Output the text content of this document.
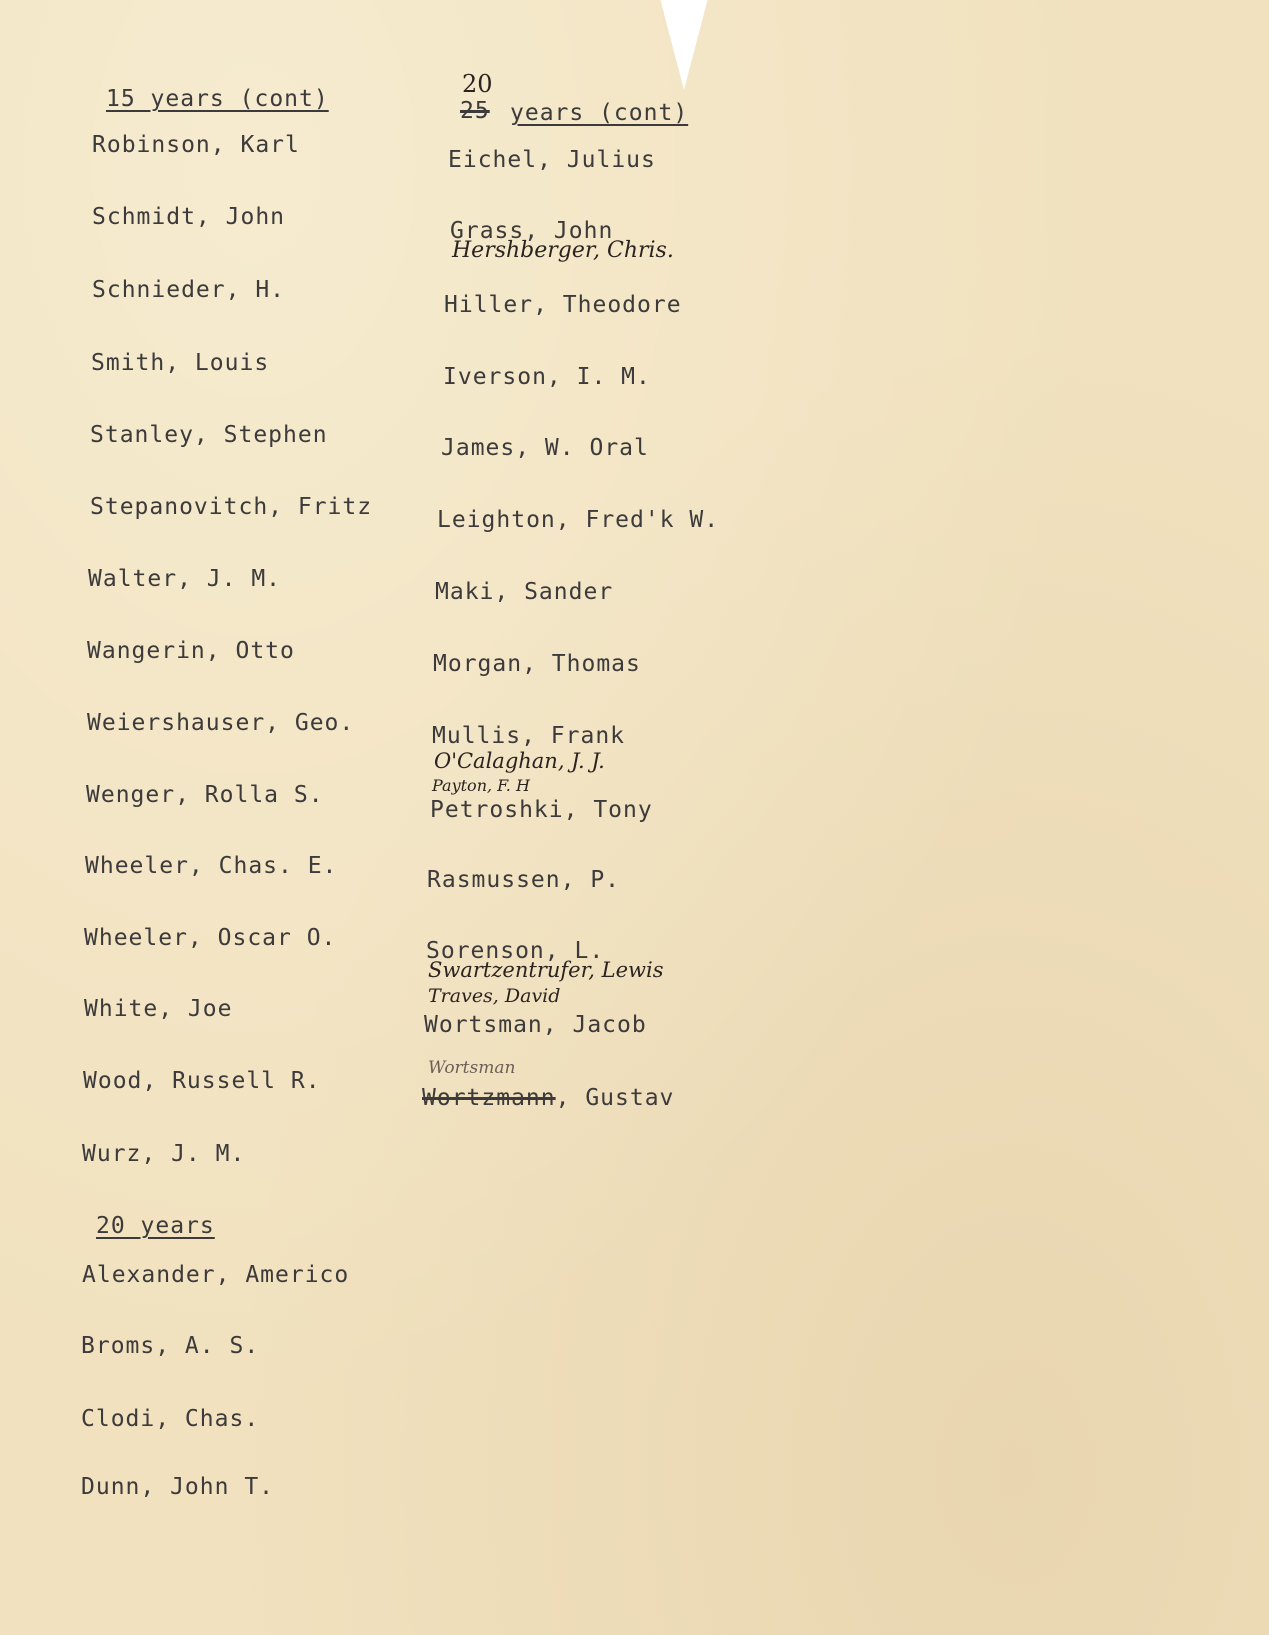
15 years (cont)
Robinson, Karl
Schmidt, John
Schnieder, H.
Smith, Louis
Stanley, Stephen
Stepanovitch, Fritz
Walter, J. M.
Wangerin, Otto
Weiershauser, Geo.
Wenger, Rolla S.
Wheeler, Chas. E.
Wheeler, Oscar O.
White, Joe
Wood, Russell R.
Wurz, J. M.
20 years
Alexander, Americo
Broms, A. S.
Clodi, Chas.
Dunn, John T.
20
25 years (cont)
Eichel, Julius
Grass, John
Hershberger, Chris.
Hiller, Theodore
Iverson, I. M.
James, W. Oral
Leighton, Fred'k W.
Maki, Sander
Morgan, Thomas
Mullis, Frank
O'Calaghan, J. J.
Payton, F. H
Petroshki, Tony
Rasmussen, P.
Sorenson, L.
Swartzentrufer, Lewis
Traves, David
Wortsman, Jacob
Wortsman
Wortzmann, Gustav
